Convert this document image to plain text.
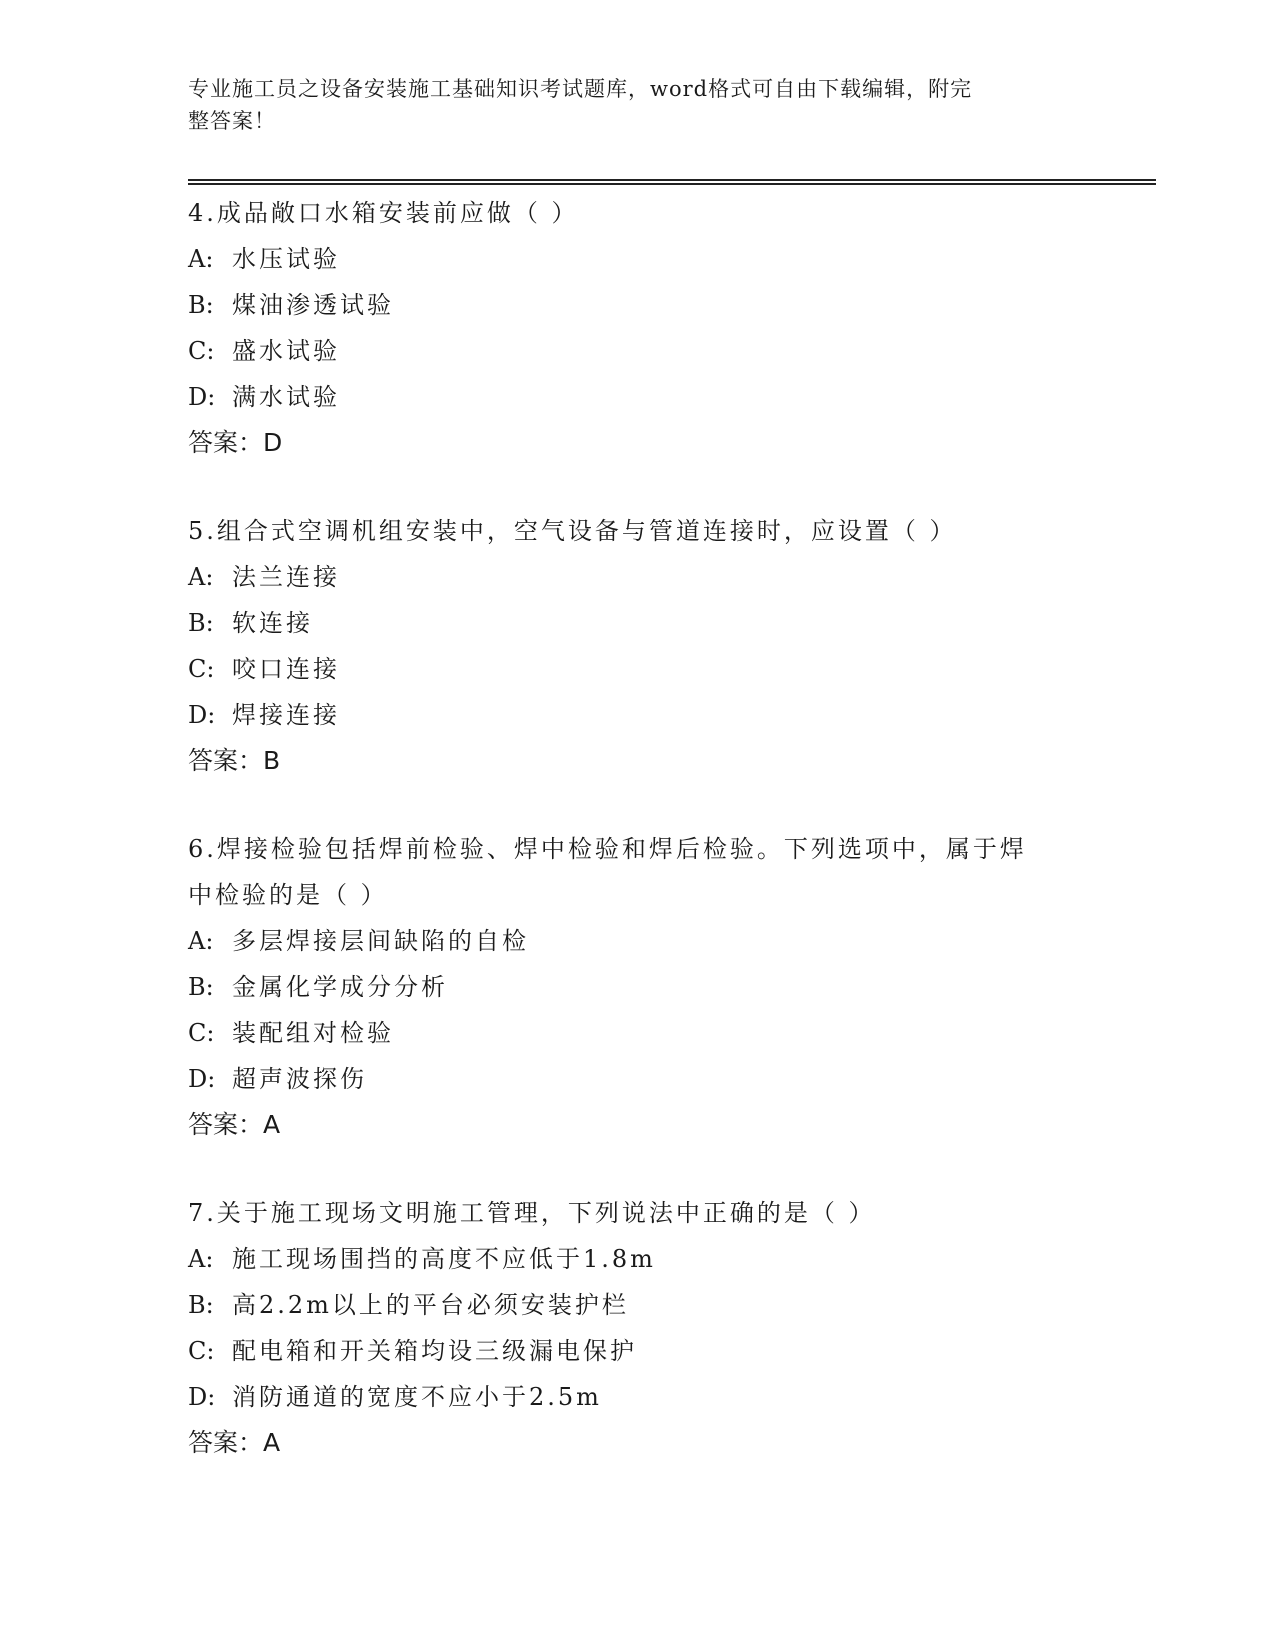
专业施工员之设备安装施工基础知识考试题库，word格式可自由下载编辑，附完
整答案！
4.成品敞口水箱安装前应做（ ）
A: 水压试验
B: 煤油渗透试验
C: 盛水试验
D: 满水试验
答案：D
5.组合式空调机组安装中，空气设备与管道连接时，应设置（ ）
A: 法兰连接
B: 软连接
C: 咬口连接
D: 焊接连接
答案：B
6.焊接检验包括焊前检验、焊中检验和焊后检验。下列选项中，属于焊中检验的是（ ）
A: 多层焊接层间缺陷的自检
B: 金属化学成分分析
C: 装配组对检验
D: 超声波探伤
答案：A
7.关于施工现场文明施工管理，下列说法中正确的是（ ）
A: 施工现场围挡的高度不应低于1.8m
B: 高2.2m以上的平台必须安装护栏
C: 配电箱和开关箱均设三级漏电保护
D: 消防通道的宽度不应小于2.5m
答案：A
